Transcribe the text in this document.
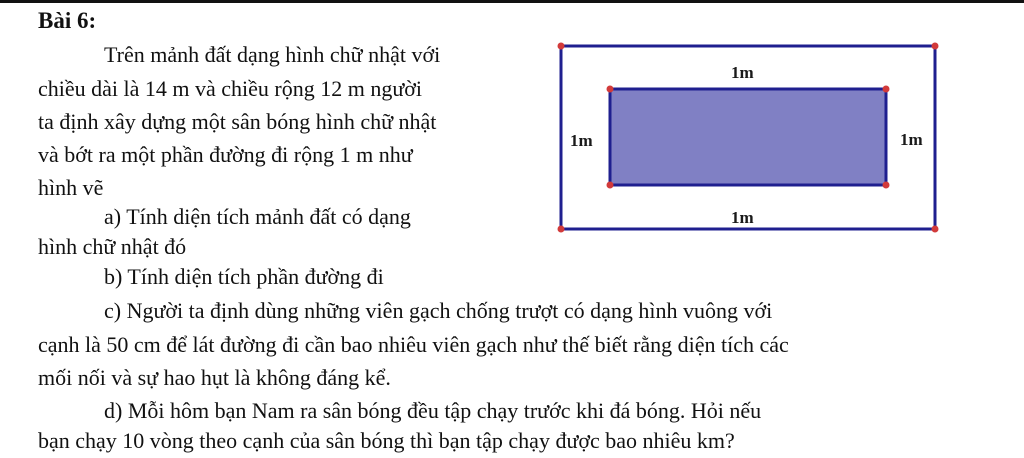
Bài 6:
Trên mảnh đất dạng hình chữ nhật với
chiều dài là 14 m và chiều rộng 12 m người
ta định xây dựng một sân bóng hình chữ nhật
và bớt ra một phần đường đi rộng 1 m như
hình vẽ
a) Tính diện tích mảnh đất có dạng
hình chữ nhật đó
b) Tính diện tích phần đường đi
c) Người ta định dùng những viên gạch chống trượt có dạng hình vuông với
cạnh là 50 cm để lát đường đi cần bao nhiêu viên gạch như thế biết rằng diện tích các
mối nối và sự hao hụt là không đáng kể.
d) Mỗi hôm bạn Nam ra sân bóng đều tập chạy trước khi đá bóng. Hỏi nếu
bạn chạy 10 vòng theo cạnh của sân bóng thì bạn tập chạy được bao nhiêu km?
1m
1m	1m
1m
